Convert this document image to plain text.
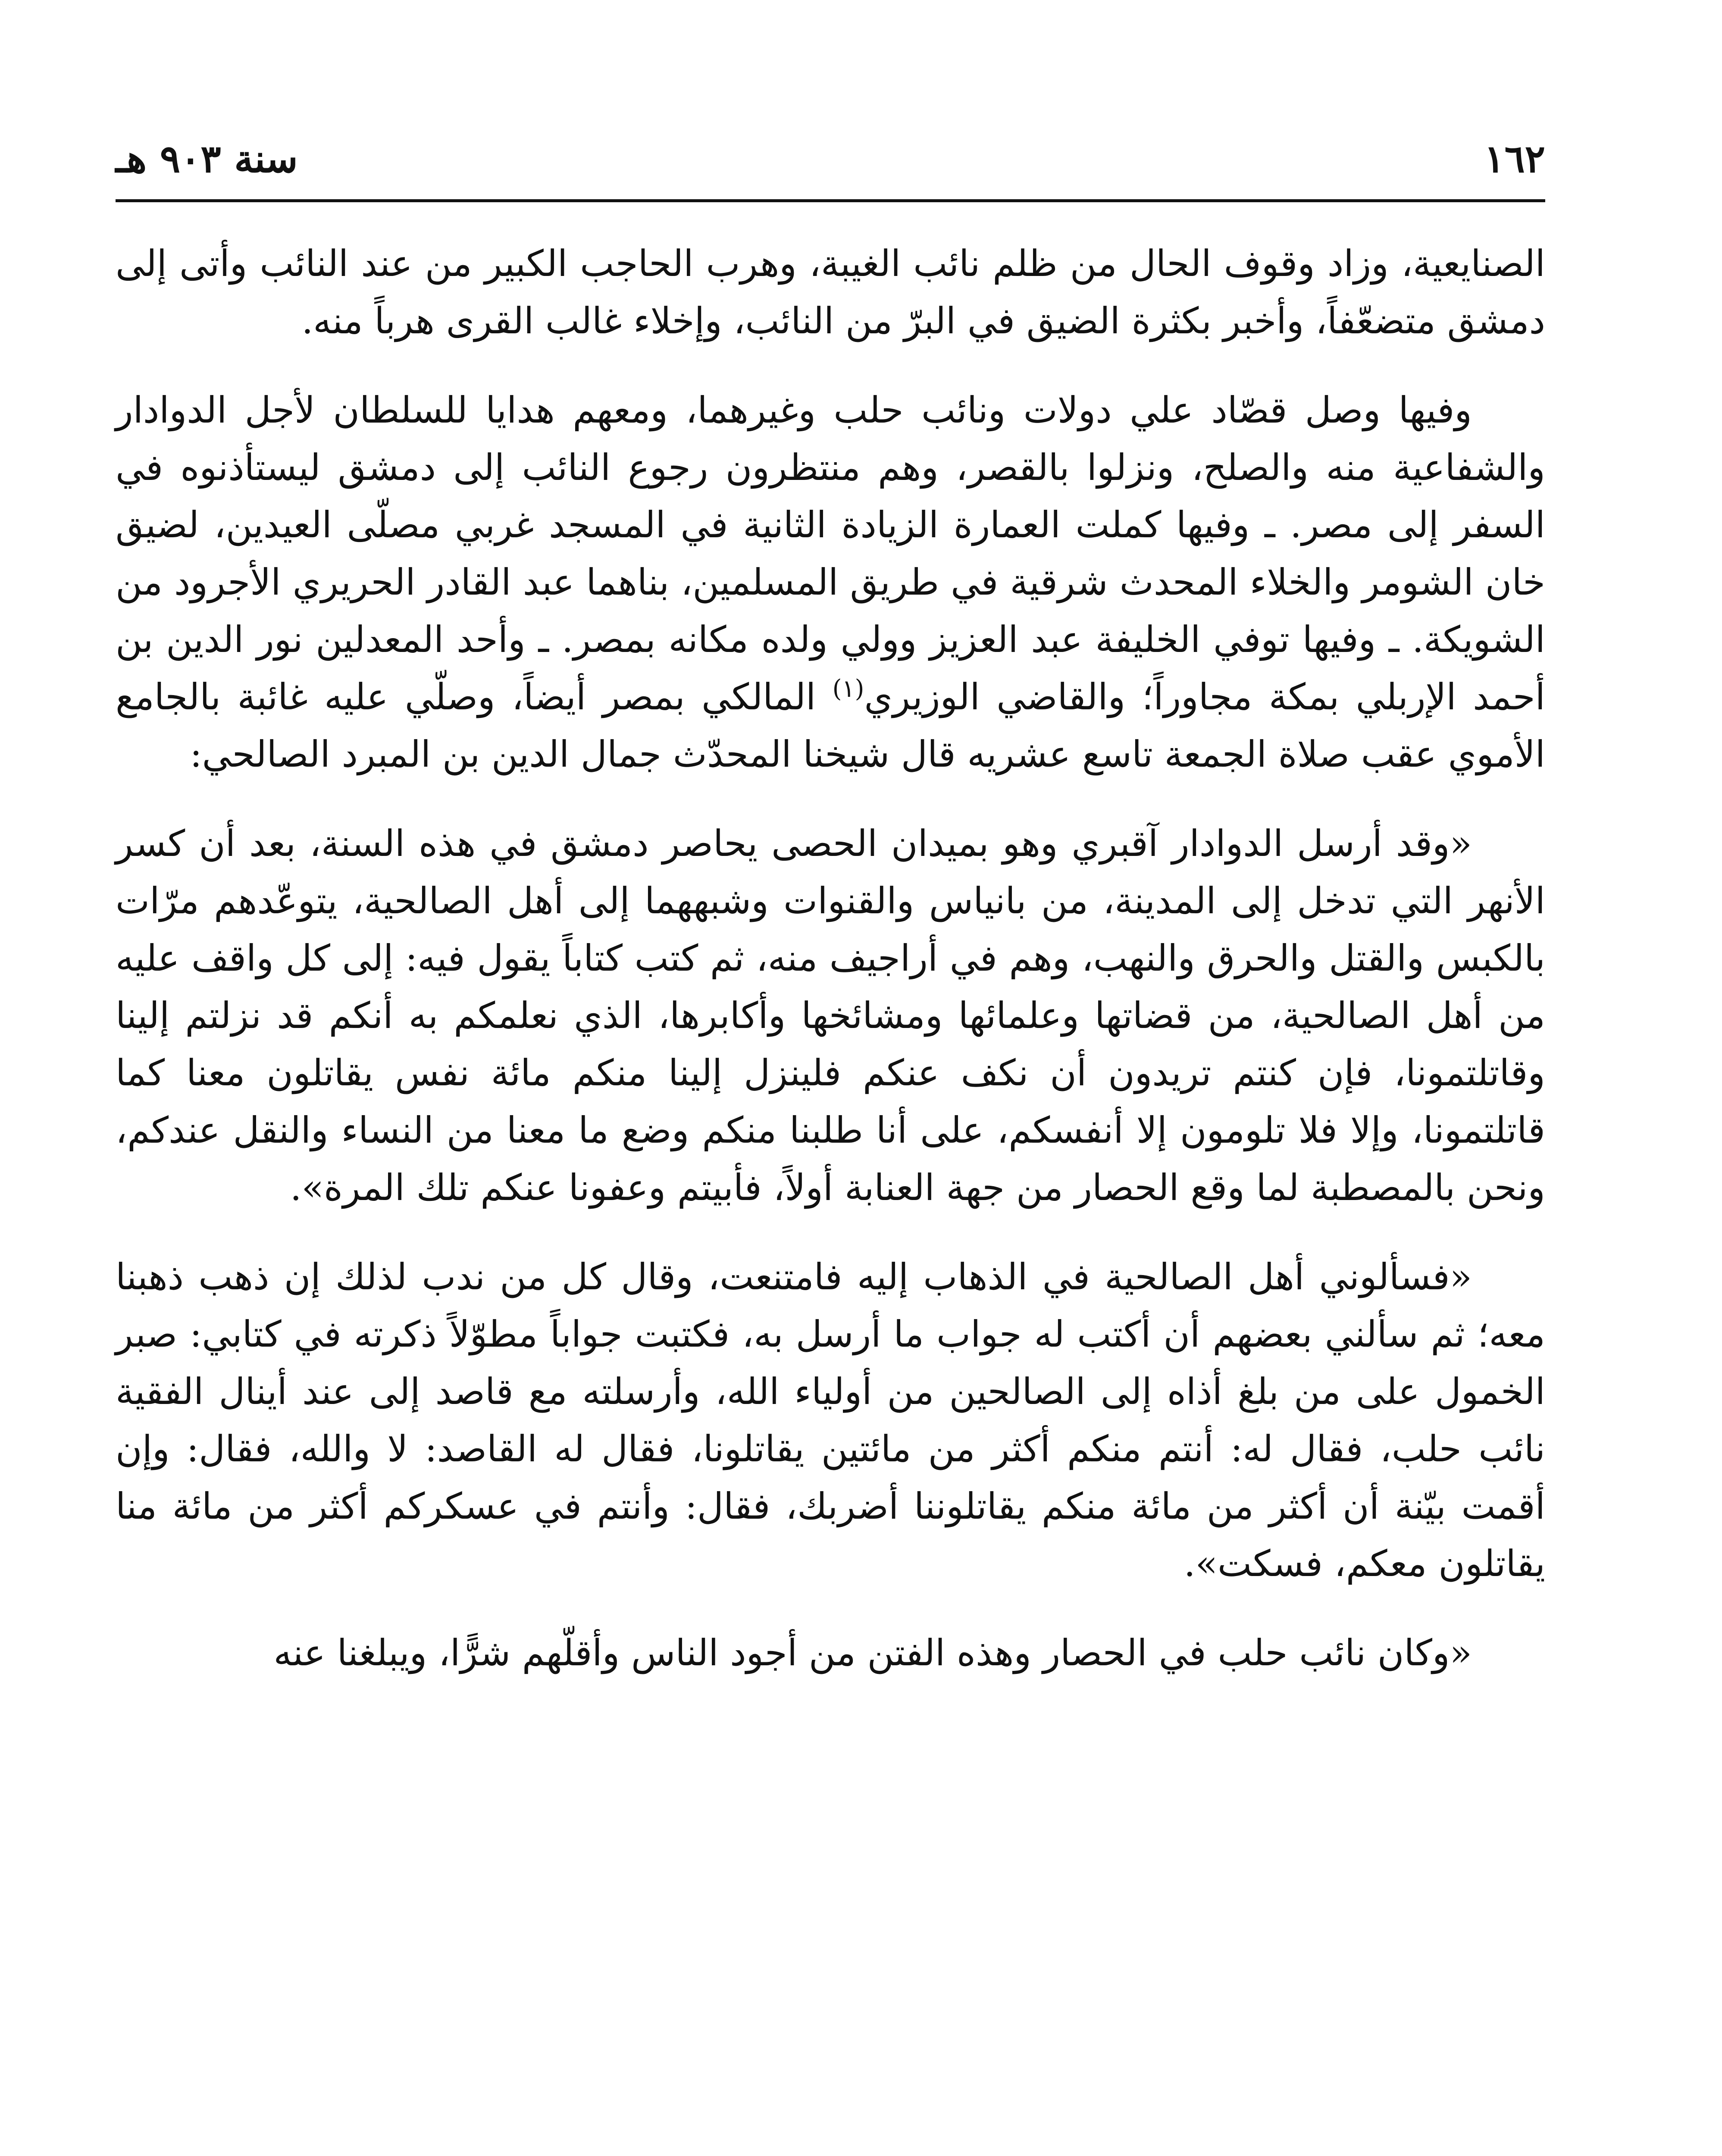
١٦٢
سنة ٩٠٣ هـ

الصنايعية، وزاد وقوف الحال من ظلم نائب الغيبة، وهرب الحاجب الكبير من عند النائب وأتى إلى دمشق متضعّفاً، وأخبر بكثرة الضيق في البرّ من النائب، وإخلاء غالب القرى هرباً منه.

وفيها وصل قصّاد علي دولات ونائب حلب وغيرهما، ومعهم هدايا للسلطان لأجل الدوادار والشفاعية منه والصلح، ونزلوا بالقصر، وهم منتظرون رجوع النائب إلى دمشق ليستأذنوه في السفر إلى مصر. ـ وفيها كملت العمارة الزيادة الثانية في المسجد غربي مصلّى العيدين، لضيق خان الشومر والخلاء المحدث شرقية في طريق المسلمين، بناهما عبد القادر الحريري الأجرود من الشويكة. ـ وفيها توفي الخليفة عبد العزيز وولي ولده مكانه بمصر. ـ وأحد المعدلين نور الدين بن أحمد الإربلي بمكة مجاوراً؛ والقاضي الوزيري$^{(١)}$ المالكي بمصر أيضاً، وصلّي عليه غائبة بالجامع الأموي عقب صلاة الجمعة تاسع عشريه قال شيخنا المحدّث جمال الدين بن المبرد الصالحي:

«وقد أرسل الدوادار آقبري وهو بميدان الحصى يحاصر دمشق في هذه السنة، بعد أن كسر الأنهر التي تدخل إلى المدينة، من بانياس والقنوات وشبههما إلى أهل الصالحية، يتوعّدهم مرّات بالكبس والقتل والحرق والنهب، وهم في أراجيف منه، ثم كتب كتاباً يقول فيه: إلى كل واقف عليه من أهل الصالحية، من قضاتها وعلمائها ومشائخها وأكابرها، الذي نعلمكم به أنكم قد نزلتم إلينا وقاتلتمونا، فإن كنتم تريدون أن نكف عنكم فلينزل إلينا منكم مائة نفس يقاتلون معنا كما قاتلتمونا، وإلا فلا تلومون إلا أنفسكم، على أنا طلبنا منكم وضع ما معنا من النساء والنقل عندكم، ونحن بالمصطبة لما وقع الحصار من جهة العنابة أولاً، فأبيتم وعفونا عنكم تلك المرة».

«فسألوني أهل الصالحية في الذهاب إليه فامتنعت، وقال كل من ندب لذلك إن ذهب ذهبنا معه؛ ثم سألني بعضهم أن أكتب له جواب ما أرسل به، فكتبت جواباً مطوّلاً ذكرته في كتابي: صبر الخمول على من بلغ أذاه إلى الصالحين من أولياء الله، وأرسلته مع قاصد إلى عند أينال الفقية نائب حلب، فقال له: أنتم منكم أكثر من مائتين يقاتلونا، فقال له القاصد: لا والله، فقال: وإن أقمت بيّنة أن أكثر من مائة منكم يقاتلوننا أضربك، فقال: وأنتم في عسكركم أكثر من مائة منا يقاتلون معكم، فسكت».

«وكان نائب حلب في الحصار وهذه الفتن من أجود الناس وأقلّهم شرًّا، ويبلغنا عنه
